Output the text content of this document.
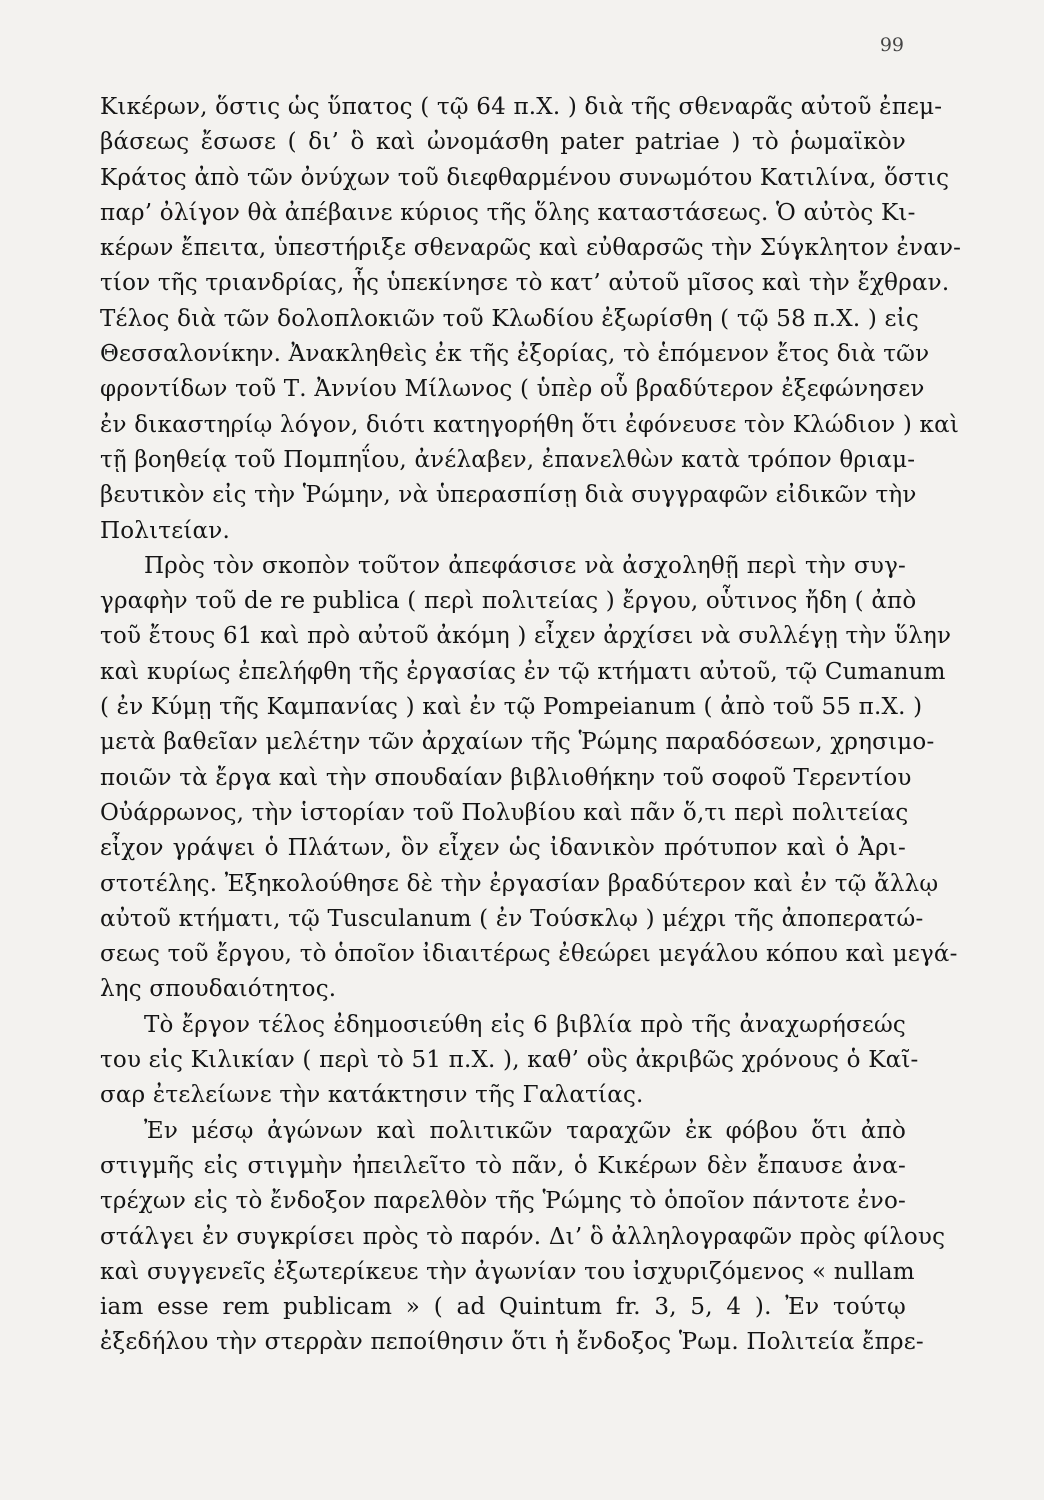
99
Κικέρων, ὅστις ὡς ὕπατος ( τῷ 64 π.Χ. ) διὰ τῆς σθεναρᾶς αὐτοῦ ἐπεμ-
βάσεως ἔσωσε ( δι’ ὃ καὶ ὠνομάσθη pater patriae ) τὸ ῥωμαϊκὸν
Κράτος ἀπὸ τῶν ὀνύχων τοῦ διεφθαρμένου συνωμότου Κατιλίνα, ὅστις
παρ’ ὀλίγον θὰ ἀπέβαινε κύριος τῆς ὅλης καταστάσεως. Ὁ αὐτὸς Κι-
κέρων ἔπειτα, ὑπεστήριξε σθεναρῶς καὶ εὐθαρσῶς τὴν Σύγκλητον ἐναν-
τίον τῆς τριανδρίας, ἧς ὑπεκίνησε τὸ κατ’ αὐτοῦ μῖσος καὶ τὴν ἔχθραν.
Τέλος διὰ τῶν δολοπλοκιῶν τοῦ Κλωδίου ἐξωρίσθη ( τῷ 58 π.Χ. ) εἰς
Θεσσαλονίκην. Ἀνακληθεὶς ἐκ τῆς ἐξορίας, τὸ ἑπόμενον ἔτος διὰ τῶν
φροντίδων τοῦ Τ. Ἀννίου Μίλωνος ( ὑπὲρ οὗ βραδύτερον ἐξεφώνησεν
ἐν δικαστηρίῳ λόγον, διότι κατηγορήθη ὅτι ἐφόνευσε τὸν Κλώδιον ) καὶ
τῇ βοηθείᾳ τοῦ Πομπηΐου, ἀνέλαβεν, ἐπανελθὼν κατὰ τρόπον θριαμ-
βευτικὸν εἰς τὴν Ῥώμην, νὰ ὑπερασπίσῃ διὰ συγγραφῶν εἰδικῶν τὴν
Πολιτείαν.
Πρὸς τὸν σκοπὸν τοῦτον ἀπεφάσισε νὰ ἀσχοληθῇ περὶ τὴν συγ-
γραφὴν τοῦ de re publica ( περὶ πολιτείας ) ἔργου, οὗτινος ἤδη ( ἀπὸ
τοῦ ἔτους 61 καὶ πρὸ αὐτοῦ ἀκόμη ) εἶχεν ἀρχίσει νὰ συλλέγῃ τὴν ὕλην
καὶ κυρίως ἐπελήφθη τῆς ἐργασίας ἐν τῷ κτήματι αὐτοῦ, τῷ Cumanum
( ἐν Κύμῃ τῆς Καμπανίας ) καὶ ἐν τῷ Pompeianum ( ἀπὸ τοῦ 55 π.Χ. )
μετὰ βαθεῖαν μελέτην τῶν ἀρχαίων τῆς Ῥώμης παραδόσεων, χρησιμο-
ποιῶν τὰ ἔργα καὶ τὴν σπουδαίαν βιβλιοθήκην τοῦ σοφοῦ Τερεντίου
Οὐάρρωνος, τὴν ἱστορίαν τοῦ Πολυβίου καὶ πᾶν ὅ,τι περὶ πολιτείας
εἶχον γράψει ὁ Πλάτων, ὃν εἶχεν ὡς ἰδανικὸν πρότυπον καὶ ὁ Ἀρι-
στοτέλης. Ἐξηκολούθησε δὲ τὴν ἐργασίαν βραδύτερον καὶ ἐν τῷ ἄλλῳ
αὐτοῦ κτήματι, τῷ Tusculanum ( ἐν Τούσκλῳ ) μέχρι τῆς ἀποπερατώ-
σεως τοῦ ἔργου, τὸ ὁποῖον ἰδιαιτέρως ἐθεώρει μεγάλου κόπου καὶ μεγά-
λης σπουδαιότητος.
Τὸ ἔργον τέλος ἐδημοσιεύθη εἰς 6 βιβλία πρὸ τῆς ἀναχωρήσεώς
του εἰς Κιλικίαν ( περὶ τὸ 51 π.Χ. ), καθ’ οὓς ἀκριβῶς χρόνους ὁ Καῖ-
σαρ ἐτελείωνε τὴν κατάκτησιν τῆς Γαλατίας.
Ἐν μέσῳ ἀγώνων καὶ πολιτικῶν ταραχῶν ἐκ φόβου ὅτι ἀπὸ
στιγμῆς εἰς στιγμὴν ἠπειλεῖτο τὸ πᾶν, ὁ Κικέρων δὲν ἔπαυσε ἀνα-
τρέχων εἰς τὸ ἔνδοξον παρελθὸν τῆς Ῥώμης τὸ ὁποῖον πάντοτε ἐνο-
στάλγει ἐν συγκρίσει πρὸς τὸ παρόν. Δι’ ὃ ἀλληλογραφῶν πρὸς φίλους
καὶ συγγενεῖς ἐξωτερίκευε τὴν ἀγωνίαν του ἰσχυριζόμενος « nullam
iam esse rem publicam » ( ad Quintum fr. 3, 5, 4 ). Ἐν τούτῳ
ἐξεδήλου τὴν στερρὰν πεποίθησιν ὅτι ἡ ἔνδοξος Ῥωμ. Πολιτεία ἔπρε-
